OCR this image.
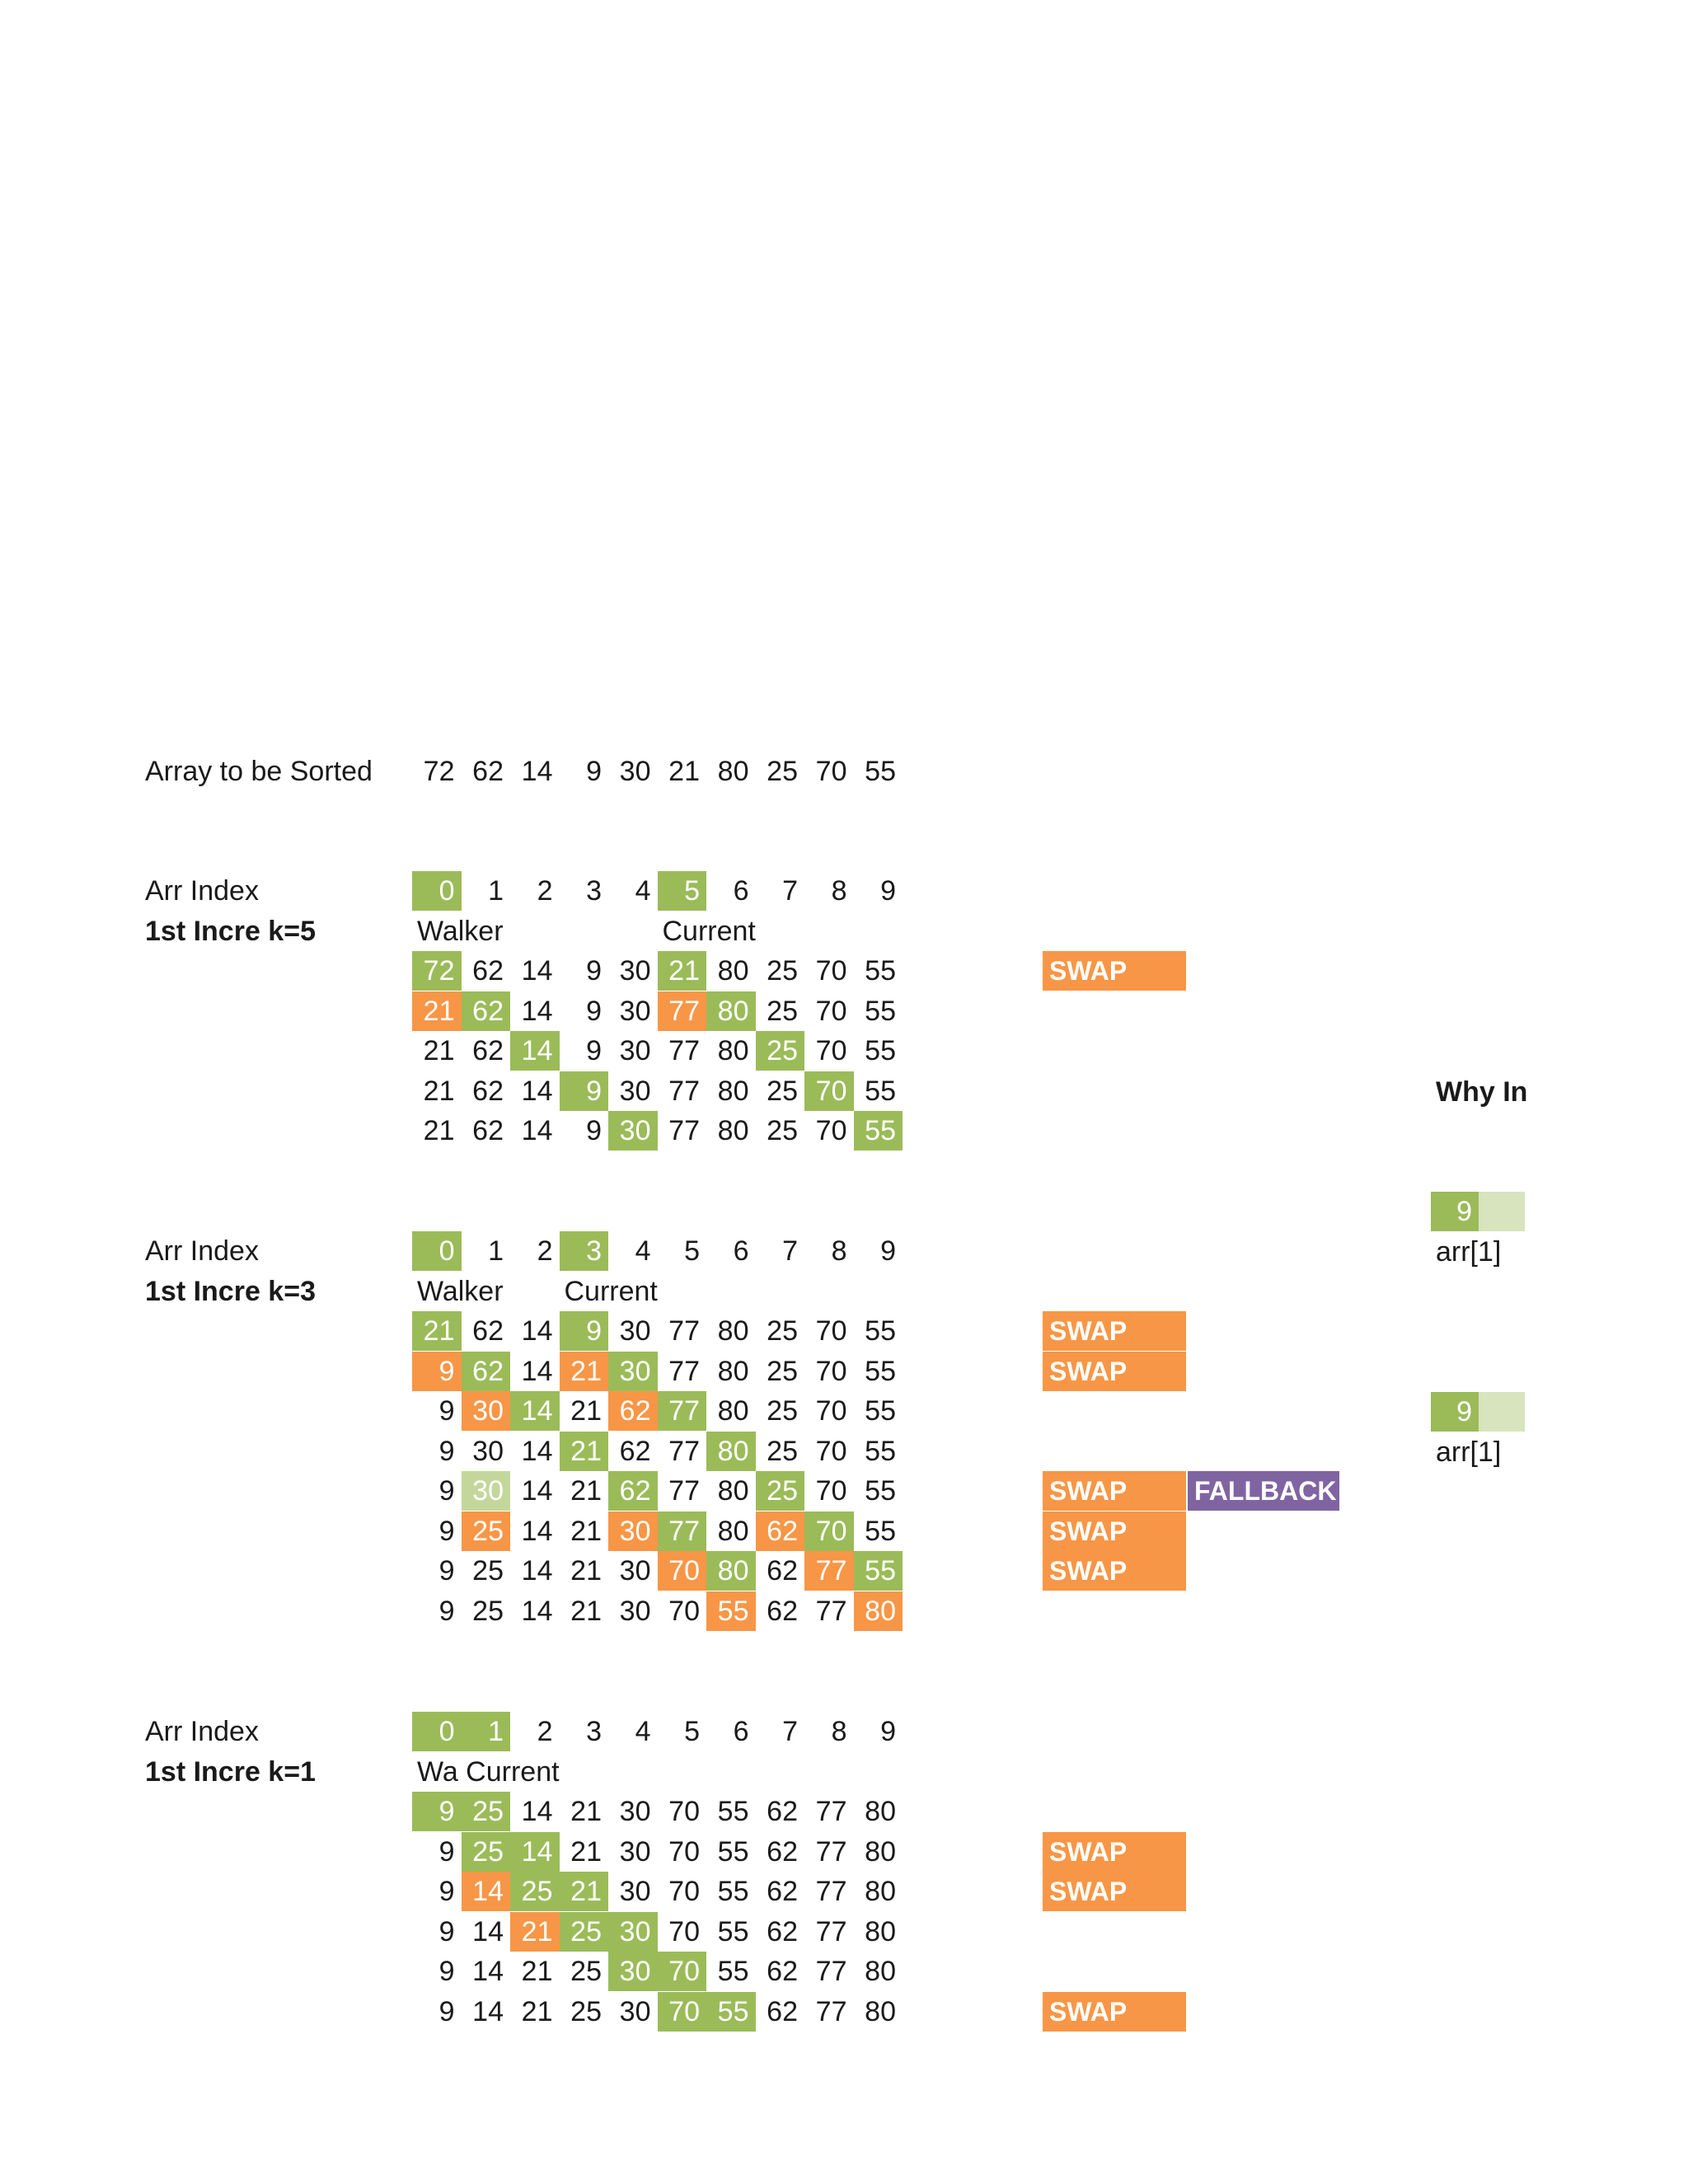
Array to be Sorted
Why In
72 62 14	9 30 21 80 25 70 55
Arr Index
1st Incre k=5
0	1	2	3	4	5	6	7	8	9
Walker	Current
72 62 14	9 30 21 80 25 70 55	SWAP
21 62 14	9 30 77 80 25 70 55
21 62 14	9 30 77 80 25 70 55
21 62 14	9 30 77 80 25 70 55
21 62 14	9 30 77 80 25 70 55
Arr Index
1st Incre k=3
0	1	2	3	4	5	6	7	8	9
Walker Current
21 62 14	9 30 77 80 25 70 55	SWAP
9 62 14 21 30 77 80 25 70 55	SWAP
9 30 14 21 62 77 80 25 70 55
9 30 14 21 62 77 80 25 70 55
9 30 14 21 62 77 80 25 70 55	SWAP	FALLBACK
9 25 14 21 30 77 80 62 70 55	SWAP
9 25 14 21 30 70 80 62 77 55	SWAP
9 25 14 21 30 70 55 62 77 80
Arr Index
1st Incre k=1
0	1	2	3	4	5	6	7	8	9
Wa Current
9 25 14 21 30 70 55 62 77 80
9 25 14 21 30 70 55 62 77 80	SWAP
9 14 25 21 30 70 55 62 77 80	SWAP
9 14 21 25 30 70 55 62 77 80
9 14 21 25 30 70 55 62 77 80
9 14 21 25 30 70 55 62 77 80	SWAP
9
arr[1]
9
arr[1]
